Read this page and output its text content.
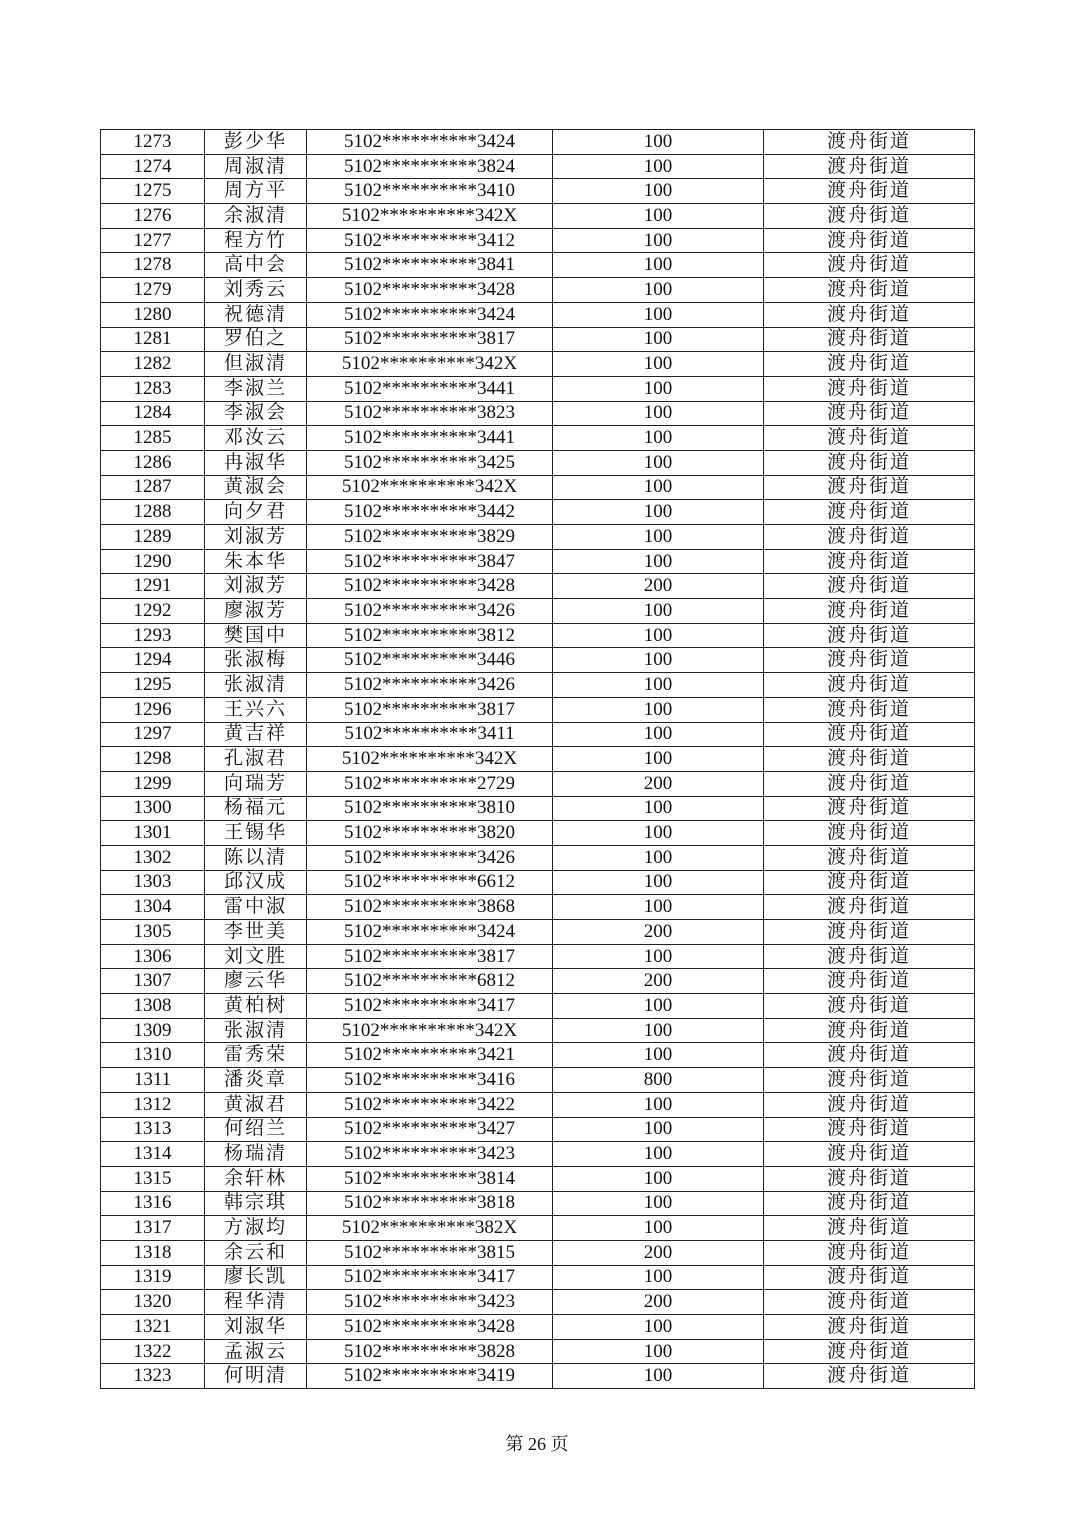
1273	彭少华	5102**********3424	100	渡舟街道
1274	周淑清	5102**********3824	100	渡舟街道
1275	周方平	5102**********3410	100	渡舟街道
1276	余淑清	5102**********342X	100	渡舟街道
1277	程方竹	5102**********3412	100	渡舟街道
1278	高中会	5102**********3841	100	渡舟街道
1279	刘秀云	5102**********3428	100	渡舟街道
1280	祝德清	5102**********3424	100	渡舟街道
1281	罗伯之	5102**********3817	100	渡舟街道
1282	但淑清	5102**********342X	100	渡舟街道
1283	李淑兰	5102**********3441	100	渡舟街道
1284	李淑会	5102**********3823	100	渡舟街道
1285	邓汝云	5102**********3441	100	渡舟街道
1286	冉淑华	5102**********3425	100	渡舟街道
1287	黄淑会	5102**********342X	100	渡舟街道
1288	向夕君	5102**********3442	100	渡舟街道
1289	刘淑芳	5102**********3829	100	渡舟街道
1290	朱本华	5102**********3847	100	渡舟街道
1291	刘淑芳	5102**********3428	200	渡舟街道
1292	廖淑芳	5102**********3426	100	渡舟街道
1293	樊国中	5102**********3812	100	渡舟街道
1294	张淑梅	5102**********3446	100	渡舟街道
1295	张淑清	5102**********3426	100	渡舟街道
1296	王兴六	5102**********3817	100	渡舟街道
1297	黄吉祥	5102**********3411	100	渡舟街道
1298	孔淑君	5102**********342X	100	渡舟街道
1299	向瑞芳	5102**********2729	200	渡舟街道
1300	杨福元	5102**********3810	100	渡舟街道
1301	王锡华	5102**********3820	100	渡舟街道
1302	陈以清	5102**********3426	100	渡舟街道
1303	邱汉成	5102**********6612	100	渡舟街道
1304	雷中淑	5102**********3868	100	渡舟街道
1305	李世美	5102**********3424	200	渡舟街道
1306	刘文胜	5102**********3817	100	渡舟街道
1307	廖云华	5102**********6812	200	渡舟街道
1308	黄柏树	5102**********3417	100	渡舟街道
1309	张淑清	5102**********342X	100	渡舟街道
1310	雷秀荣	5102**********3421	100	渡舟街道
1311	潘炎章	5102**********3416	800	渡舟街道
1312	黄淑君	5102**********3422	100	渡舟街道
1313	何绍兰	5102**********3427	100	渡舟街道
1314	杨瑞清	5102**********3423	100	渡舟街道
1315	余轩林	5102**********3814	100	渡舟街道
1316	韩宗琪	5102**********3818	100	渡舟街道
1317	方淑均	5102**********382X	100	渡舟街道
1318	余云和	5102**********3815	200	渡舟街道
1319	廖长凯	5102**********3417	100	渡舟街道
1320	程华清	5102**********3423	200	渡舟街道
1321	刘淑华	5102**********3428	100	渡舟街道
1322	孟淑云	5102**********3828	100	渡舟街道
1323	何明清	5102**********3419	100	渡舟街道
第 26 页
